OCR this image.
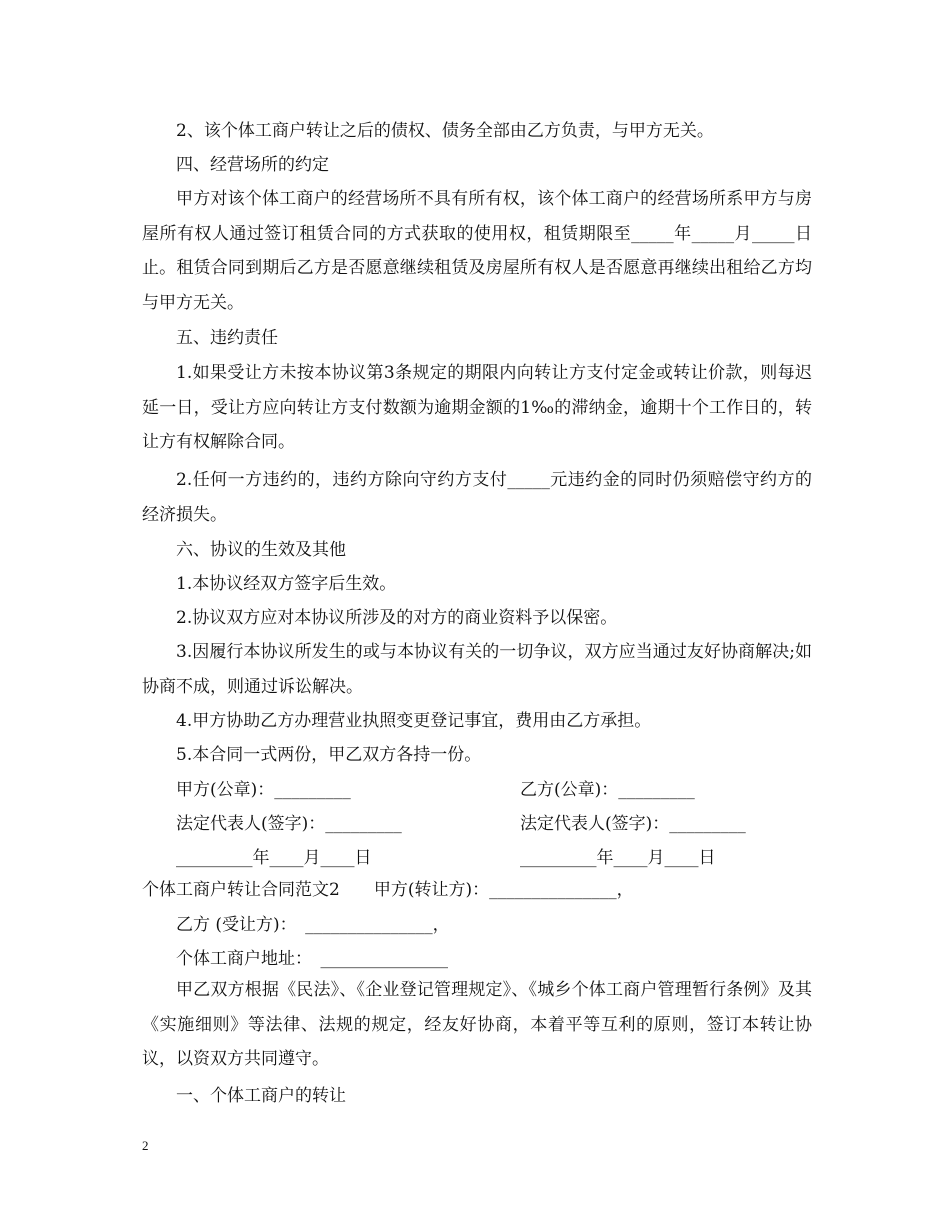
2、该个体工商户转让之后的债权、债务全部由乙方负责，与甲方无关。
四、经营场所的约定
甲方对该个体工商户的经营场所不具有所有权，该个体工商户的经营场所系甲方与房屋所有权人通过签订租赁合同的方式获取的使用权，租赁期限至_____年_____月_____日止。租赁合同到期后乙方是否愿意继续租赁及房屋所有权人是否愿意再继续出租给乙方均与甲方无关。
五、违约责任
1.如果受让方未按本协议第3条规定的期限内向转让方支付定金或转让价款，则每迟延一日，受让方应向转让方支付数额为逾期金额的1‰的滞纳金，逾期十个工作日的，转让方有权解除合同。
2.任何一方违约的，违约方除向守约方支付_____元违约金的同时仍须赔偿守约方的经济损失。
六、协议的生效及其他
1.本协议经双方签字后生效。
2.协议双方应对本协议所涉及的对方的商业资料予以保密。
3.因履行本协议所发生的或与本协议有关的一切争议，双方应当通过友好协商解决;如协商不成，则通过诉讼解决。
4.甲方协助乙方办理营业执照变更登记事宜，费用由乙方承担。
5.本合同一式两份，甲乙双方各持一份。
甲方(公章)：_________	乙方(公章)：_________
法定代表人(签字)：_________	法定代表人(签字)：_________
_________年____月____日	_________年____月____日
个体工商户转让合同范文2　　甲方(转让方)：_______________，
乙方 (受让方)：　_______________，
个体工商户地址：　_______________
甲乙双方根据《民法》、《企业登记管理规定》、《城乡个体工商户管理暂行条例》及其《实施细则》等法律、法规的规定，经友好协商，本着平等互利的原则，签订本转让协议，以资双方共同遵守。
一、个体工商户的转让
2
